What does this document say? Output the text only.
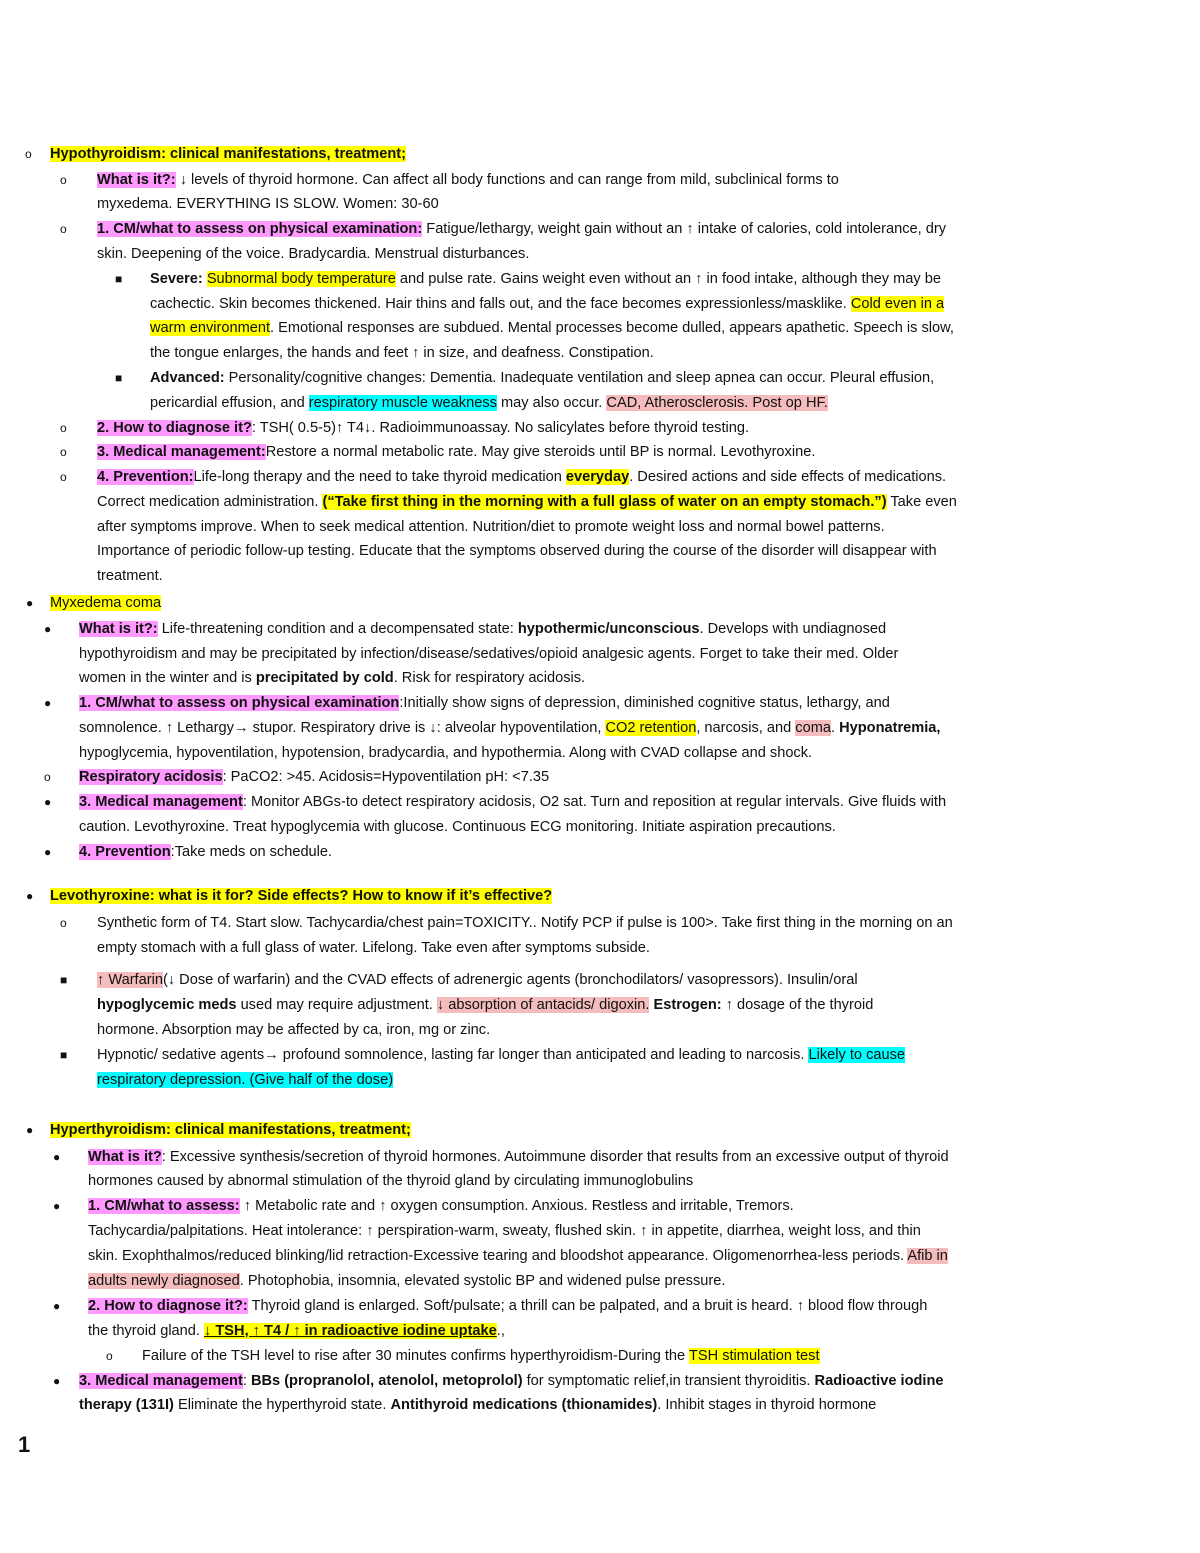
o Hypothyroidism: clinical manifestations, treatment;
o What is it?: ↓ levels of thyroid hormone. Can affect all body functions and can range from mild, subclinical forms to
myxedema. EVERYTHING IS SLOW. Women: 30-60
o 1. CM/what to assess on physical examination: Fatigue/lethargy, weight gain without an ↑ intake of calories, cold intolerance, dry
skin. Deepening of the voice. Bradycardia. Menstrual disturbances.
■ Severe: Subnormal body temperature and pulse rate. Gains weight even without an ↑ in food intake, although they may be
cachectic. Skin becomes thickened. Hair thins and falls out, and the face becomes expressionless/masklike. Cold even in a
warm environment. Emotional responses are subdued. Mental processes become dulled, appears apathetic. Speech is slow,
the tongue enlarges, the hands and feet ↑ in size, and deafness. Constipation.
■ Advanced: Personality/cognitive changes: Dementia. Inadequate ventilation and sleep apnea can occur. Pleural effusion,
pericardial effusion, and respiratory muscle weakness may also occur. CAD, Atherosclerosis. Post op HF.
o 2. How to diagnose it?: TSH( 0.5-5)↑ T4↓. Radioimmunoassay. No salicylates before thyroid testing.
o 3. Medical management:Restore a normal metabolic rate. May give steroids until BP is normal. Levothyroxine.
o 4. Prevention:Life-long therapy and the need to take thyroid medication everyday. Desired actions and side effects of medications.
Correct medication administration. (“Take first thing in the morning with a full glass of water on an empty stomach.”) Take even
after symptoms improve. When to seek medical attention. Nutrition/diet to promote weight loss and normal bowel patterns.
Importance of periodic follow-up testing. Educate that the symptoms observed during the course of the disorder will disappear with
treatment.
● Myxedema coma
● What is it?: Life-threatening condition and a decompensated state: hypothermic/unconscious. Develops with undiagnosed
hypothyroidism and may be precipitated by infection/disease/sedatives/opioid analgesic agents. Forget to take their med. Older
women in the winter and is precipitated by cold. Risk for respiratory acidosis.
● 1. CM/what to assess on physical examination:Initially show signs of depression, diminished cognitive status, lethargy, and
somnolence. ↑ Lethargy→ stupor. Respiratory drive is ↓: alveolar hypoventilation, CO2 retention, narcosis, and coma. Hyponatremia,
hypoglycemia, hypoventilation, hypotension, bradycardia, and hypothermia. Along with CVAD collapse and shock.
o Respiratory acidosis: PaCO2: >45. Acidosis=Hypoventilation pH: <7.35
● 3. Medical management: Monitor ABGs-to detect respiratory acidosis, O2 sat. Turn and reposition at regular intervals. Give fluids with
caution. Levothyroxine. Treat hypoglycemia with glucose. Continuous ECG monitoring. Initiate aspiration precautions.
● 4. Prevention:Take meds on schedule.
● Levothyroxine: what is it for? Side effects? How to know if it’s effective?
o Synthetic form of T4. Start slow. Tachycardia/chest pain=TOXICITY.. Notify PCP if pulse is 100>. Take first thing in the morning on an
empty stomach with a full glass of water. Lifelong. Take even after symptoms subside.
■ ↑ Warfarin(↓ Dose of warfarin) and the CVAD effects of adrenergic agents (bronchodilators/ vasopressors). Insulin/oral
hypoglycemic meds used may require adjustment. ↓ absorption of antacids/ digoxin. Estrogen: ↑ dosage of the thyroid
hormone. Absorption may be affected by ca, iron, mg or zinc.
■ Hypnotic/ sedative agents→ profound somnolence, lasting far longer than anticipated and leading to narcosis. Likely to cause
respiratory depression. (Give half of the dose)
● Hyperthyroidism: clinical manifestations, treatment;
● What is it?: Excessive synthesis/secretion of thyroid hormones. Autoimmune disorder that results from an excessive output of thyroid
hormones caused by abnormal stimulation of the thyroid gland by circulating immunoglobulins
● 1. CM/what to assess: ↑ Metabolic rate and ↑ oxygen consumption. Anxious. Restless and irritable, Tremors.
Tachycardia/palpitations. Heat intolerance: ↑ perspiration-warm, sweaty, flushed skin. ↑ in appetite, diarrhea, weight loss, and thin
skin. Exophthalmos/reduced blinking/lid retraction-Excessive tearing and bloodshot appearance. Oligomenorrhea-less periods. Afib in
adults newly diagnosed. Photophobia, insomnia, elevated systolic BP and widened pulse pressure.
● 2. How to diagnose it?: Thyroid gland is enlarged. Soft/pulsate; a thrill can be palpated, and a bruit is heard. ↑ blood flow through
the thyroid gland. ↓ TSH, ↑ T4 / ↑ in radioactive iodine uptake.,
o Failure of the TSH level to rise after 30 minutes confirms hyperthyroidism-During the TSH stimulation test
● 3. Medical management: BBs (propranolol, atenolol, metoprolol) for symptomatic relief,in transient thyroiditis. Radioactive iodine
therapy (131I) Eliminate the hyperthyroid state. Antithyroid medications (thionamides). Inhibit stages in thyroid hormone
1
